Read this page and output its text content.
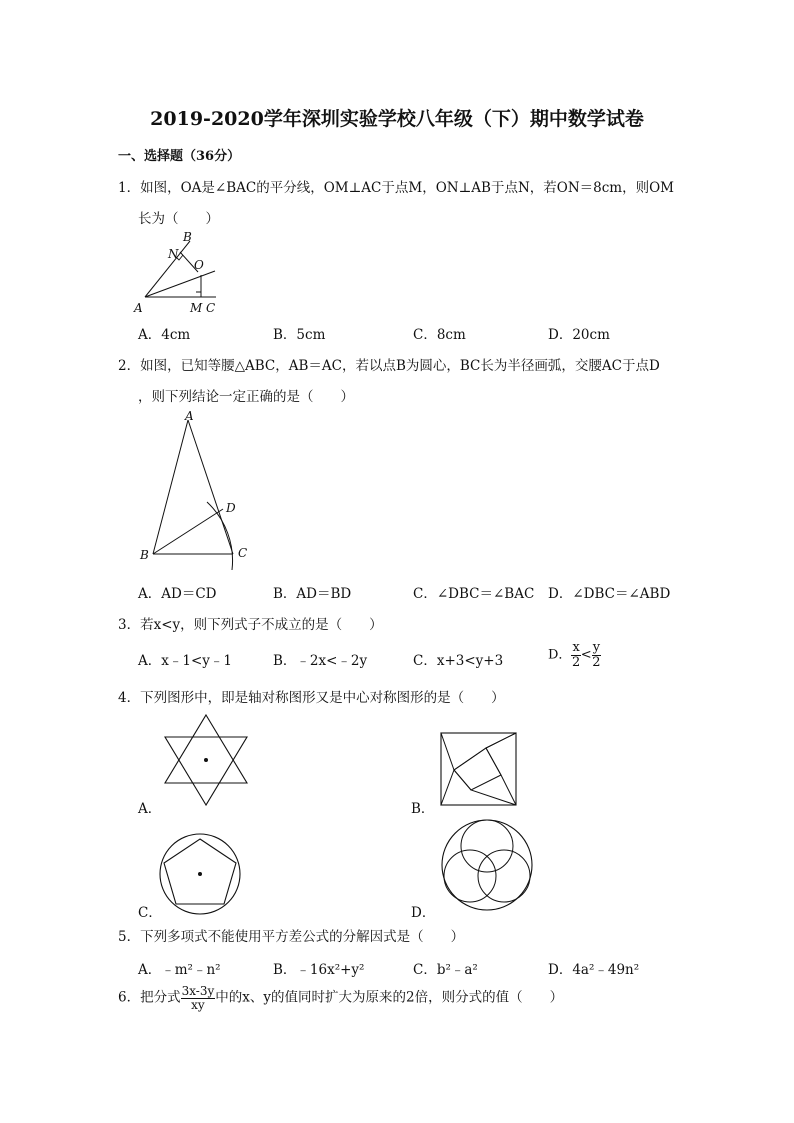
2019-2020学年深圳实验学校八年级（下）期中数学试卷
一、选择题（36分）
1．如图，OA是∠BAC的平分线，OM⊥AC于点M，ON⊥AB于点N，若ON＝8cm，则OM
长为（　　）
A
B
N
O
M C
A．4cm	B．5cm	C．8cm	D．20cm
2．如图，已知等腰△ABC，AB＝AC，若以点B为圆心，BC长为半径画弧，交腰AC于点D
，则下列结论一定正确的是（　　）
A
B	C
D
A．AD＝CD	B．AD＝BD	C．∠DBC＝∠BAC D．∠DBC＝∠ABD
3．若x<y，则下列式子不成立的是（　　）
A．x﹣1<y﹣1	B．﹣2x<﹣2y	C．x+3<y+3	D． $\frac{x}{2} < \frac{y}{2}$
4．下列图形中，即是轴对称图形又是中心对称图形的是（　　）
A．	B．
C．	D．
5．下列多项式不能使用平方差公式的分解因式是（　　）
A．﹣m²﹣n²	B．﹣16x²+y²	C．b²﹣a²	D．4a²﹣49n²
6．把分式 $\frac{3x-3y}{xy}$ 中的x、y的值同时扩大为原来的2倍，则分式的值（　　）
